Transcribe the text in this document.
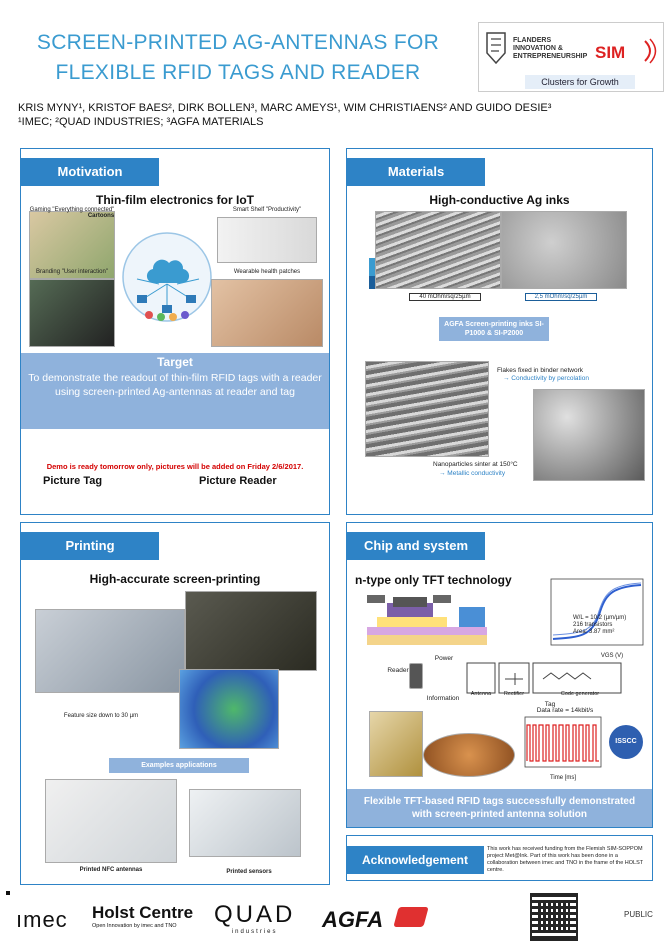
SCREEN-PRINTED AG-ANTENNAS FOR FLEXIBLE RFID TAGS AND READER
FLANDERS
INNOVATION &
ENTREPRENEURSHIP SIM
Clusters for Growth
KRIS MYNY¹, KRISTOF BAES², DIRK BOLLEN³, MARC AMEYS¹, WIM CHRISTIAENS² AND GUIDO DESIE³
¹IMEC; ²QUAD INDUSTRIES; ³AGFA MATERIALS
Motivation
Thin-film electronics for IoT
Gaming "Everything connected"
Cartoons
Branding "User interaction"
Smart Shelf "Productivity"
Wearable health patches
Target
To demonstrate the readout of thin-film RFID tags with a reader using screen-printed Ag-antennas at reader and tag
Demo is ready tomorrow only, pictures will be added on Friday 2/6/2017.
Picture Tag	Picture Reader
Materials
High-conductive Ag inks
40 mOhm/sq/25µm	2,5 mOhm/sq/25µm
AGFA Screen-printing inks SI-P1000 & SI-P2000
Flakes fixed in binder network
→ Conductivity by percolation
Nanoparticles sinter at 150°C
→ Metallic conductivity
Printing
High-accurate screen-printing
Feature size down to 30 µm
Examples applications
Printed NFC antennas	Printed sensors
Chip and system
n-type only TFT technology
W/L = 10/2 (µm/µm)
216 transistors
Area: 3.87 mm²
VGS (V)
Reader
Power
Information
Antenna	Rectifier	Code generator
Tag
Data rate = 14kbit/s
Time [ms]
ISSCC
Flexible TFT-based RFID tags successfully demonstrated with screen-printed antenna solution
Acknowledgement
This work has received funding from the Flemish SIM-SOPPOM project Met@Ink. Part of this work has been done in a collaboration between imec and TNO in the frame of the HOLST centre.
ımec Holst Centre
Open Innovation by imec and TNO	QUAD
industries	AGFA	PUBLIC
